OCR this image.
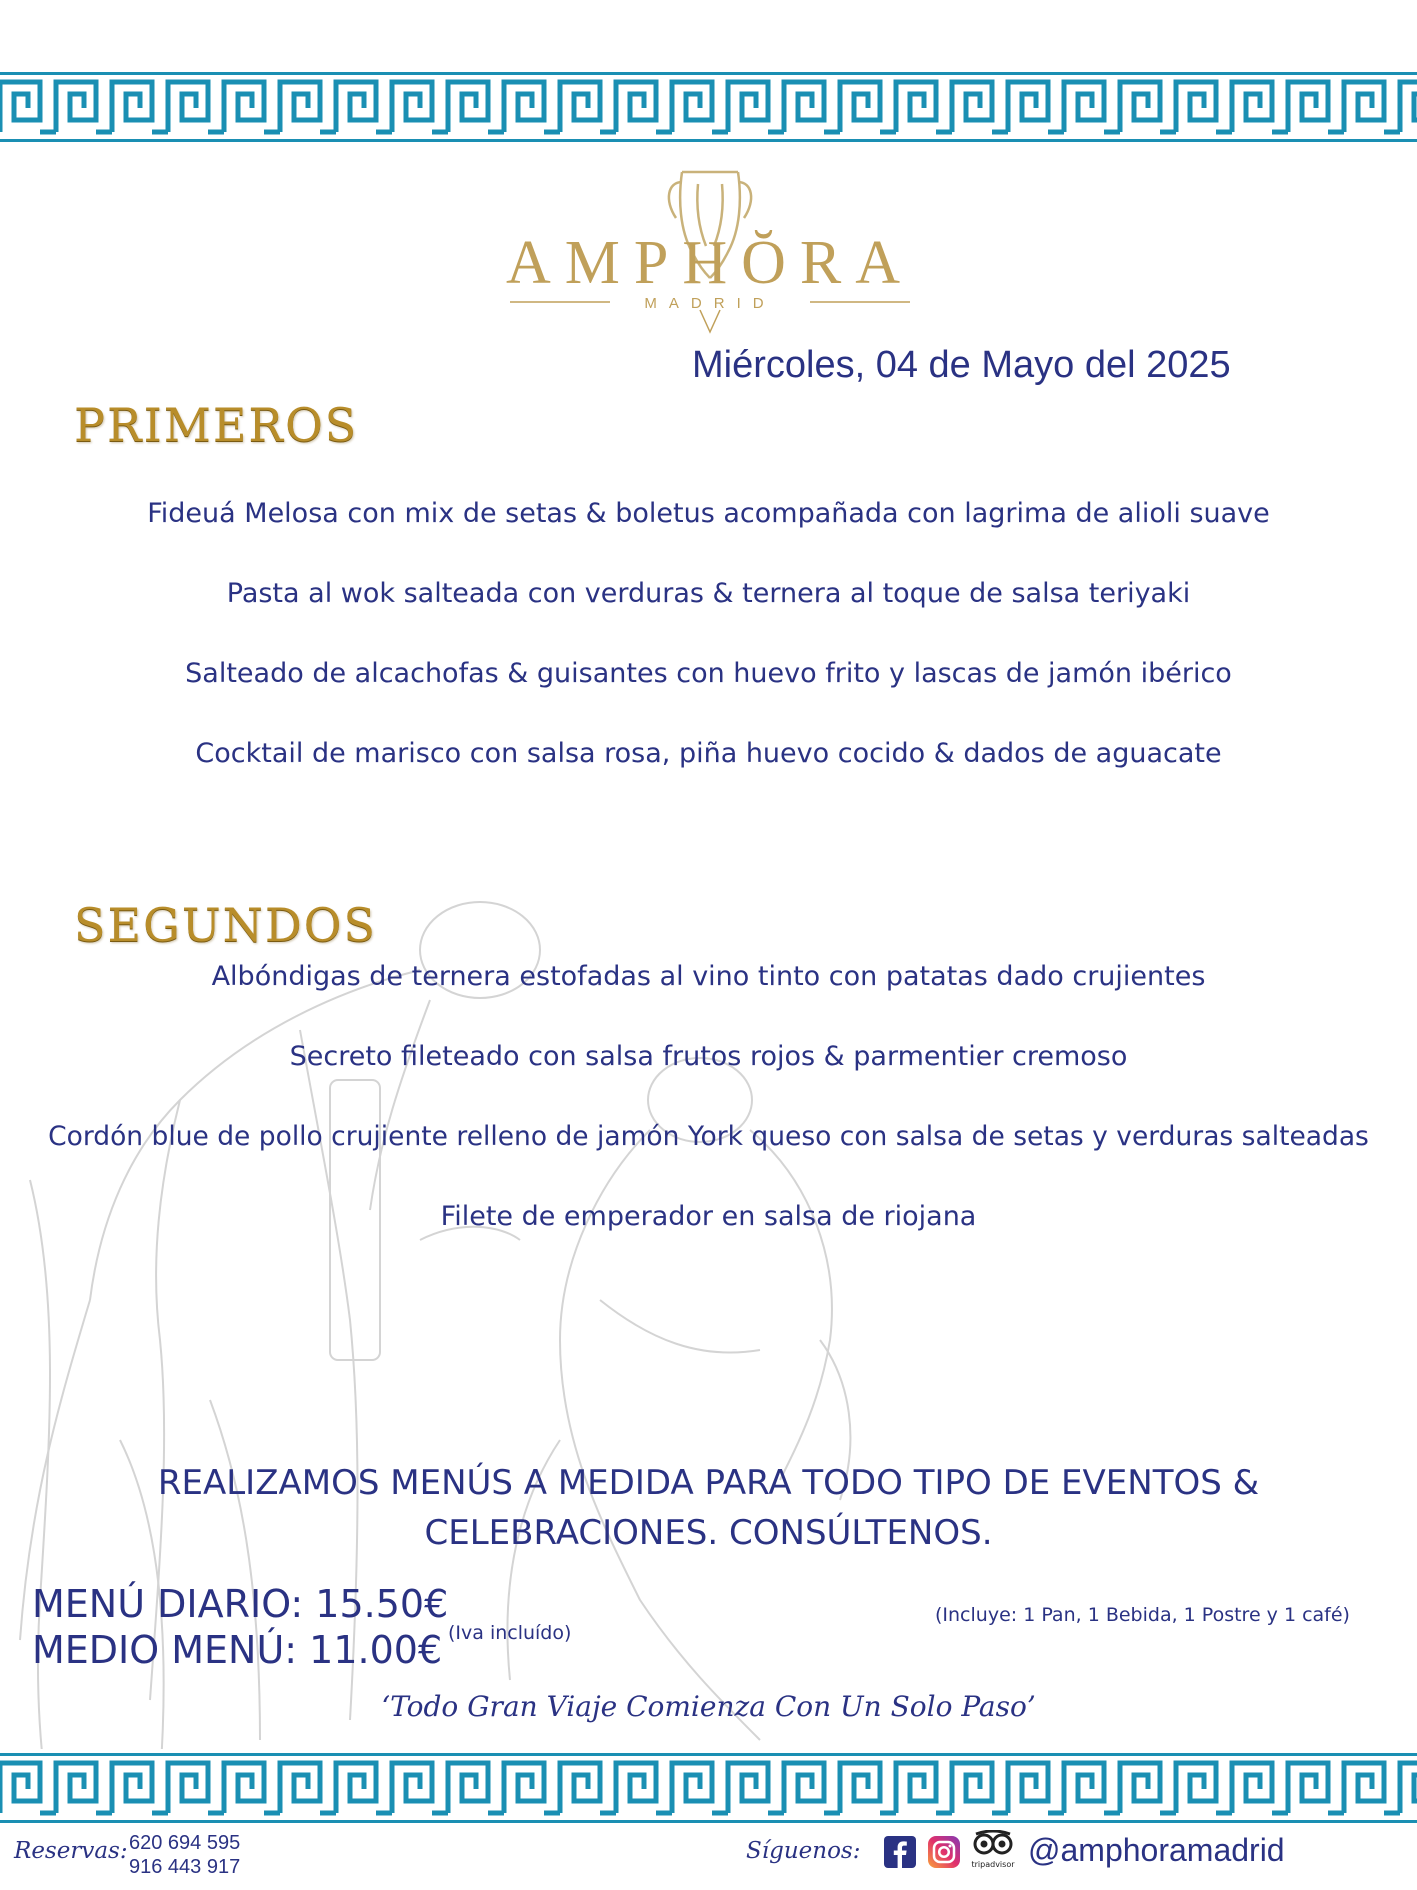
AMPHŎRA
MADRID
Miércoles, 04 de Mayo del 2025
PRIMEROS
Fideuá Melosa con mix de setas & boletus acompañada con lagrima de alioli suave
Pasta al wok salteada con verduras & ternera al toque de salsa teriyaki
Salteado de alcachofas & guisantes con huevo frito y lascas de jamón ibérico
Cocktail de marisco con salsa rosa, piña huevo cocido & dados de aguacate
SEGUNDOS
Albóndigas de ternera estofadas al vino tinto con patatas dado crujientes
Secreto fileteado con salsa frutos rojos & parmentier cremoso
Cordón blue de pollo crujiente relleno de jamón York queso con salsa de setas y verduras salteadas
Filete de emperador en salsa de riojana
REALIZAMOS MENÚS A MEDIDA PARA TODO TIPO DE EVENTOS &
CELEBRACIONES. CONSÚLTENOS.
MENÚ DIARIO: 15.50€
MEDIO MENÚ: 11.00€ (Iva incluído)
(Incluye: 1 Pan, 1 Bebida, 1 Postre y 1 café)
‘Todo Gran Viaje Comienza Con Un Solo Paso’
Reservas: 620 694 595
916 443 917
Síguenos:
tripadvisor @amphoramadrid
